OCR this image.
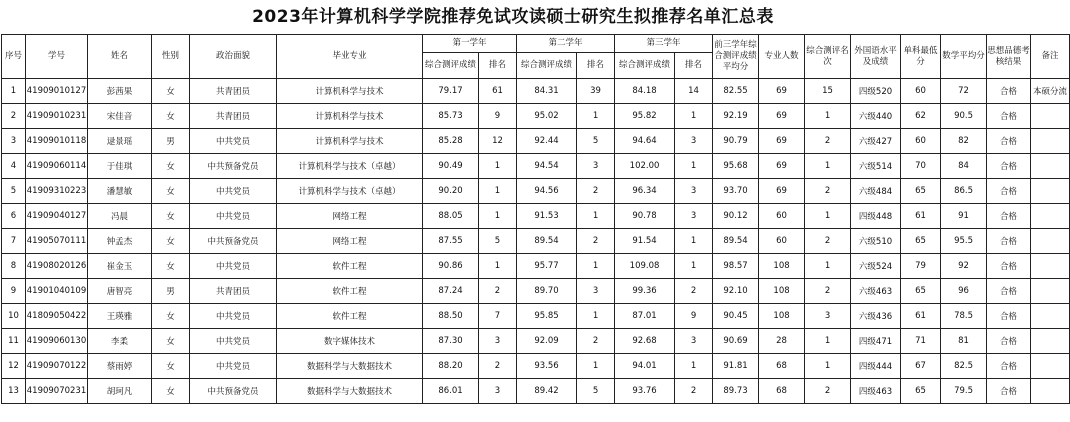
2023年计算机科学学院推荐免试攻读硕士研究生拟推荐名单汇总表
序号	学号	姓名	性别	政治面貌	毕业专业	第一学年		第二学年		第三学年		前三学年综合测评成绩平均分	专业人数	综合测评名次	外国语水平及成绩	单科最低分	数学平均分	思想品德考核结果	备注
						综合测评成绩	排名	综合测评成绩	排名	综合测评成绩	排名								
1	41909010127	彭茜果	女	共青团员	计算机科学与技术	79.17	61	84.31	39	84.18	14	82.55	69	15	四级520	60	72	合格	本硕分流
2	41909010231	宋佳音	女	共青团员	计算机科学与技术	85.73	9	95.02	1	95.82	1	92.19	69	1	六级440	62	90.5	合格	
3	41909010118	逯景瑶	男	中共党员	计算机科学与技术	85.28	12	92.44	5	94.64	3	90.79	69	2	六级427	60	82	合格	
4	41909060114	于佳琪	女	中共预备党员	计算机科学与技术（卓越）	90.49	1	94.54	3	102.00	1	95.68	69	1	六级514	70	84	合格	
5	41909310223	潘慧敏	女	中共党员	计算机科学与技术（卓越）	90.20	1	94.56	2	96.34	3	93.70	69	2	六级484	65	86.5	合格	
6	41909040127	冯晨	女	中共党员	网络工程	88.05	1	91.53	1	90.78	3	90.12	60	1	四级448	61	91	合格	
7	41905070111	钟孟杰	女	中共预备党员	网络工程	87.55	5	89.54	2	91.54	1	89.54	60	2	六级510	65	95.5	合格	
8	41908020126	崔金玉	女	中共党员	软件工程	90.86	1	95.77	1	109.08	1	98.57	108	1	六级524	79	92	合格	
9	41901040109	唐智亮	男	共青团员	软件工程	87.24	2	89.70	3	99.36	2	92.10	108	2	六级463	65	96	合格	
10	41809050422	王瑛雅	女	中共党员	软件工程	88.50	7	95.85	1	87.01	9	90.45	108	3	六级436	61	78.5	合格	
11	41909060130	李柔	女	中共党员	数字媒体技术	87.30	3	92.09	2	92.68	3	90.69	28	1	四级471	71	81	合格	
12	41909070122	蔡雨婷	女	中共党员	数据科学与大数据技术	88.20	2	93.56	1	94.01	1	91.81	68	1	四级444	67	82.5	合格	
13	41909070231	胡珂凡	女	中共预备党员	数据科学与大数据技术	86.01	3	89.42	5	93.76	2	89.73	68	2	四级463	65	79.5	合格	
